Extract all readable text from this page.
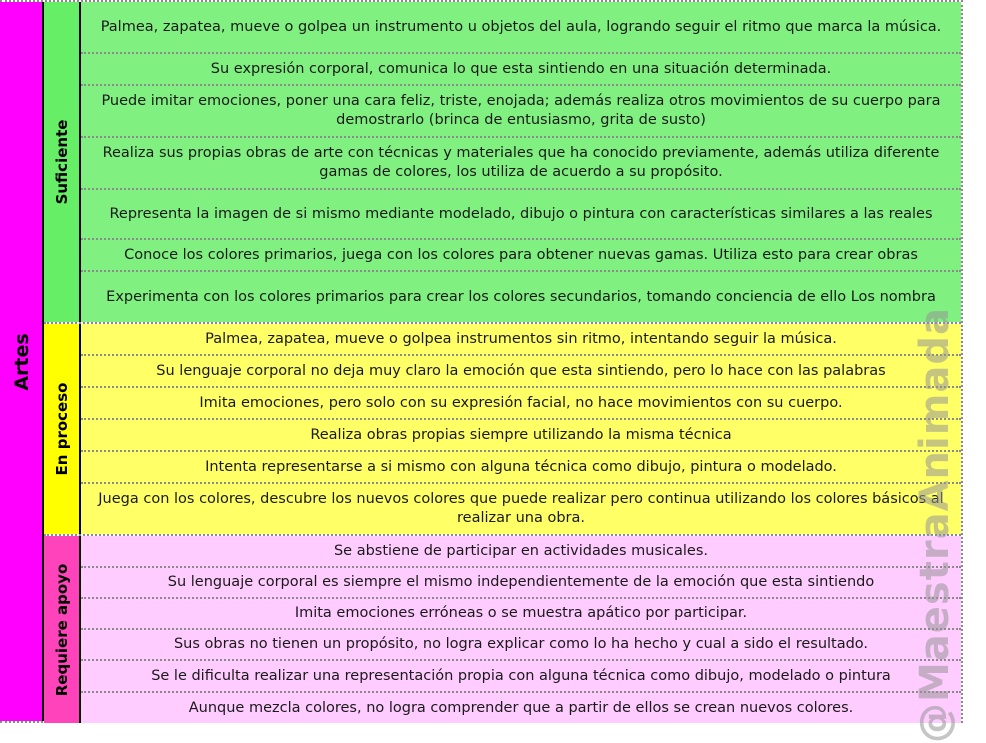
Artes
Suficiente
Palmea, zapatea, mueve o golpea un instrumento u objetos del aula, logrando seguir el ritmo que marca la música.
Su expresión corporal, comunica lo que esta sintiendo en una situación determinada.
Puede imitar emociones, poner una cara feliz, triste, enojada; además realiza otros movimientos de su cuerpo para demostrarlo (brinca de entusiasmo, grita de susto)
Realiza sus propias obras de arte con técnicas y materiales que ha conocido previamente, además utiliza diferente gamas de colores, los utiliza de acuerdo a su propósito.
Representa la imagen de si mismo mediante modelado, dibujo o pintura con características similares a las reales
Conoce los colores primarios, juega con los colores para obtener nuevas gamas. Utiliza esto para crear obras
Experimenta con los colores primarios para crear los colores secundarios, tomando conciencia de ello Los nombra
En proceso
Palmea, zapatea, mueve o golpea instrumentos sin ritmo, intentando seguir la música.
Su lenguaje corporal no deja muy claro la emoción que esta sintiendo, pero lo hace con las palabras
Imita emociones, pero solo con su expresión facial, no hace movimientos con su cuerpo.
Realiza obras propias siempre utilizando la misma técnica
Intenta representarse a si mismo con alguna técnica como dibujo, pintura o modelado.
Juega con los colores, descubre los nuevos colores que puede realizar pero continua utilizando los colores básicos al realizar una obra.
Requiere apoyo
Se abstiene de participar en actividades musicales.
Su lenguaje corporal es siempre el mismo independientemente de la emoción que esta sintiendo
Imita emociones erróneas o se muestra apático por participar.
Sus obras no tienen un propósito, no logra explicar como lo ha hecho y cual a sido el resultado.
Se le dificulta realizar una representación propia con alguna técnica como dibujo, modelado o pintura
Aunque mezcla colores, no logra comprender que a partir de ellos se crean nuevos colores.	@MaestraAnimada
